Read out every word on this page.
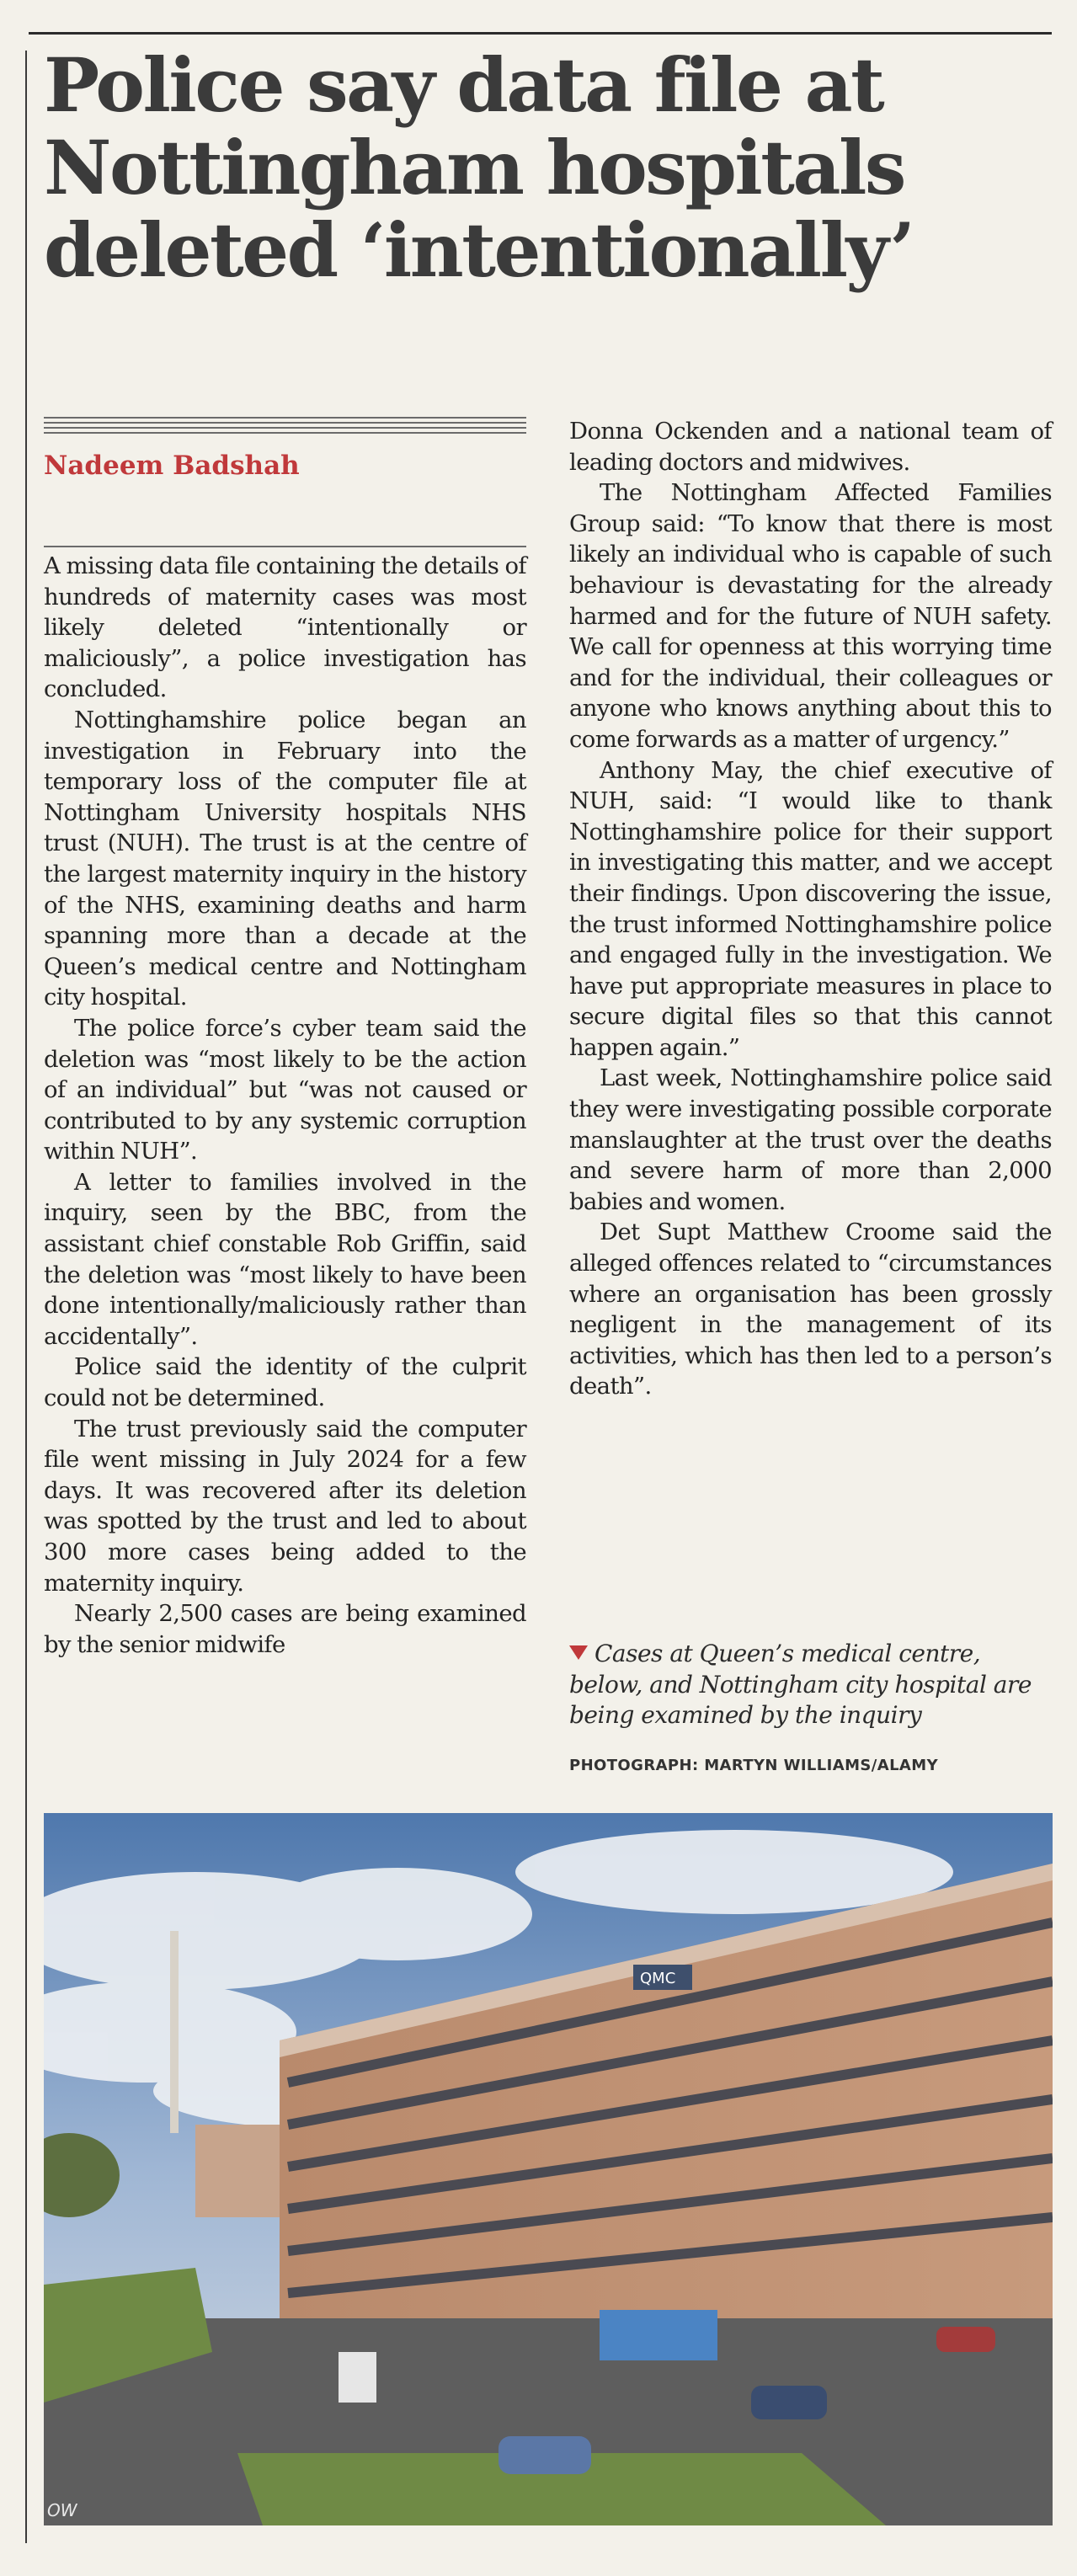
Police say data file at
Nottingham hospitals
deleted ‘intentionally’
Nadeem Badshah

A missing data file containing the details of hundreds of maternity cases was most likely deleted “intentionally or maliciously”, a police investigation has concluded.

Nottinghamshire police began an investigation in February into the temporary loss of the computer file at Nottingham University hospitals NHS trust (NUH). The trust is at the centre of the largest maternity inquiry in the history of the NHS, examining deaths and harm spanning more than a decade at the Queen’s medical centre and Nottingham city hospital.

The police force’s cyber team said the deletion was “most likely to be the action of an individual” but “was not caused or contributed to by any systemic corruption within NUH”.

A letter to families involved in the inquiry, seen by the BBC, from the assistant chief constable Rob Griffin, said the deletion was “most likely to have been done intentionally/maliciously rather than accidentally”.

Police said the identity of the culprit could not be determined.

The trust previously said the computer file went missing in July 2024 for a few days. It was recovered after its deletion was spotted by the trust and led to about 300 more cases being added to the maternity inquiry.

Nearly 2,500 cases are being examined by the senior midwife

Donna Ockenden and a national team of leading doctors and midwives.

The Nottingham Affected Families Group said: “To know that there is most likely an individual who is capable of such behaviour is devastating for the already harmed and for the future of NUH safety. We call for openness at this worrying time and for the individual, their colleagues or anyone who knows anything about this to come forwards as a matter of urgency.”

Anthony May, the chief executive of NUH, said: “I would like to thank Nottinghamshire police for their support in investigating this matter, and we accept their findings. Upon discovering the issue, the trust informed Nottinghamshire police and engaged fully in the investigation. We have put appropriate measures in place to secure digital files so that this cannot happen again.”

Last week, Nottinghamshire police said they were investigating possible corporate manslaughter at the trust over the deaths and severe harm of more than 2,000 babies and women.

Det Supt Matthew Croome said the alleged offences related to “circumstances where an organisation has been grossly negligent in the management of its activities, which has then led to a person’s death”.

Cases at Queen’s medical centre, below, and Nottingham city hospital are being examined by the inquiry
PHOTOGRAPH: MARTYN WILLIAMS/ALAMY
QMC
OW
